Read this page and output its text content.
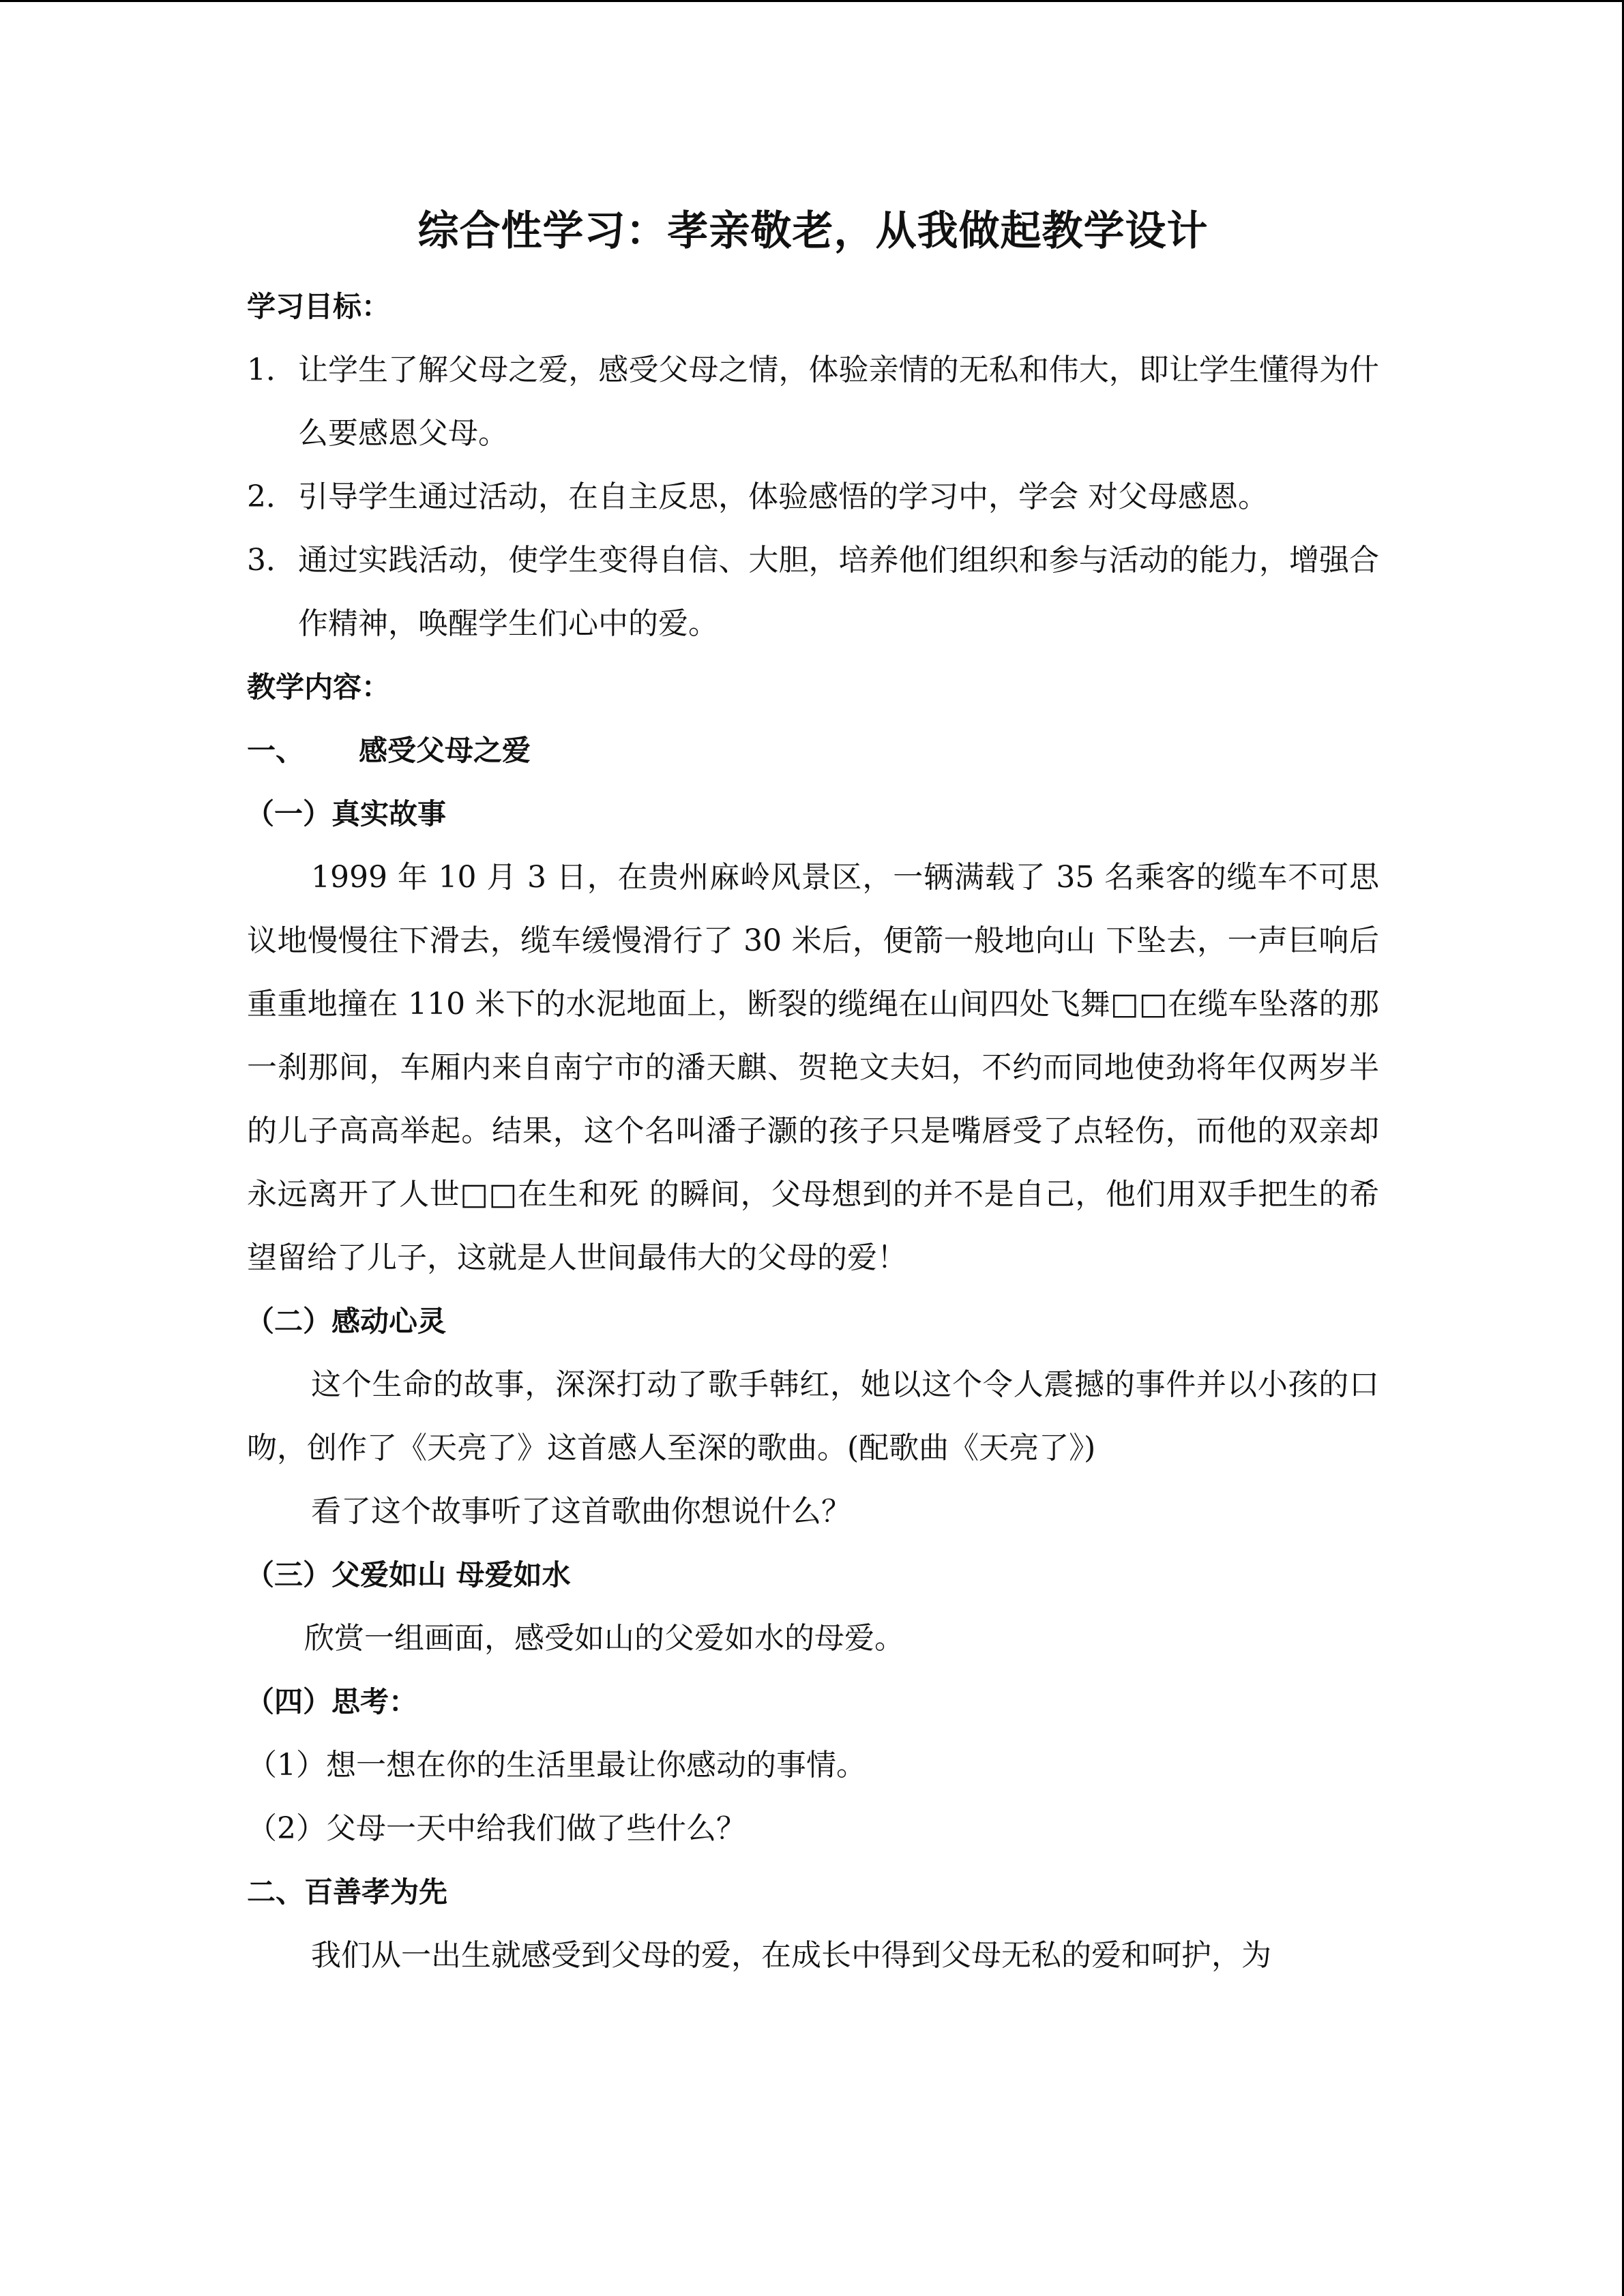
综合性学习：孝亲敬老，从我做起教学设计
学习目标：
1． 让学生了解父母之爱，感受父母之情，体验亲情的无私和伟大，即让学生懂得为什么要感恩父母。
2． 引导学生通过活动，在自主反思，体验感悟的学习中，学会 对父母感恩。
3． 通过实践活动，使学生变得自信、大胆，培养他们组织和参与活动的能力，增强合作精神，唤醒学生们心中的爱。
教学内容：
一、 感受父母之爱
（一）真实故事

1999 年 10 月 3 日，在贵州麻岭风景区，一辆满载了 35 名乘客的缆车不可思议地慢慢往下滑去，缆车缓慢滑行了 30 米后，便箭一般地向山 下坠去，一声巨响后重重地撞在 110 米下的水泥地面上，断裂的缆绳在山间四处飞舞□□在缆车坠落的那一刹那间，车厢内来自南宁市的潘天麒、贺艳文夫妇，不约而同地使劲将年仅两岁半的儿子高高举起。结果，这个名叫潘子灏的孩子只是嘴唇受了点轻伤，而他的双亲却永远离开了人世□□在生和死 的瞬间，父母想到的并不是自己，他们用双手把生的希望留给了儿子，这就是人世间最伟大的父母的爱！

（二）感动心灵

这个生命的故事，深深打动了歌手韩红，她以这个令人震撼的事件并以小孩的口吻，创作了《天亮了》这首感人至深的歌曲。(配歌曲《天亮了》)

看了这个故事听了这首歌曲你想说什么？

（三）父爱如山 母爱如水

欣赏一组画面，感受如山的父爱如水的母爱。

（四）思考：

（1）想一想在你的生活里最让你感动的事情。

（2）父母一天中给我们做了些什么？

二、百善孝为先

我们从一出生就感受到父母的爱，在成长中得到父母无私的爱和呵护，为
